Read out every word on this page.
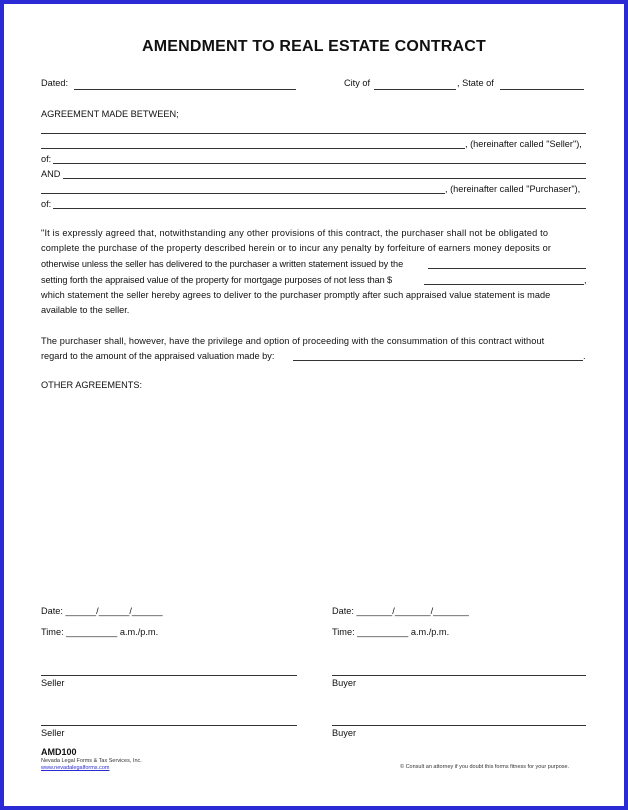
AMENDMENT TO REAL ESTATE CONTRACT
Dated:	City of	, State of
AGREEMENT MADE BETWEEN;
, (hereinafter called "Seller"),
of:
AND
, (hereinafter called "Purchaser"),
of:
"It is expressly agreed that, notwithstanding any other provisions of this contract, the purchaser shall not be obligated to
complete the purchase of the property described herein or to incur any penalty by forfeiture of earners money deposits or
otherwise unless the seller has delivered to the purchaser a written statement issued by the
setting forth the appraised value of the property for mortgage purposes of not less than $	,
which statement the seller hereby agrees to deliver to the purchaser promptly after such appraised value statement is made
available to the seller.
The purchaser shall, however, have the privilege and option of proceeding with the consummation of this contract without
regard to the amount of the appraised valuation made by:	.
OTHER AGREEMENTS:
Date: ______/______/______
Time: __________ a.m./p.m.
Date: _______/_______/_______
Time: __________ a.m./p.m.
Seller	Buyer
Seller	Buyer
AMD100
Nevada Legal Forms & Tax Services, Inc.
www.nevadalegalforms.com	© Consult an attorney if you doubt this forms fitness for your purpose.
